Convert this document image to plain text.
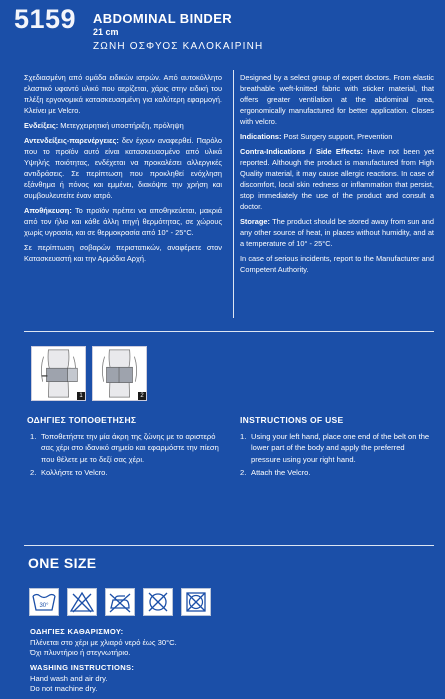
5159 ABDOMINAL BINDER
21 cm
ΖΩΝΗ ΟΣΦΥΟΣ ΚΑΛΟΚΑΙΡΙΝΗ

Σχεδιασμένη από ομάδα ειδικών ιατρών. Από αυτοκόλλητο ελαστικό υφαντό υλικό που αερίζεται, χάρις στην ειδική του πλέξη εργονομικά κατασκευασμένη για καλύτερη εφαρμογή. Κλείνει με Velcro.

Ενδείξεις: Μετεγχειρητική υποστήριξη, πρόληψη

Αντενδείξεις-παρενέργειες: δεν έχουν αναφερθεί. Παρόλο που το προϊόν αυτό είναι κατασκευασμένο από υλικά Υψηλής ποιότητας, ενδέχεται να προκαλέσει αλλεργικές αντιδράσεις. Σε περίπτωση που προκληθεί ενόχληση εξάνθημα ή πόνος και εμμένει, διακόψτε την χρήση και συμβουλευτείτε έναν ιατρό.

Αποθήκευση: Το προϊόν πρέπει να αποθηκεύεται, μακριά από τον ήλιο και κάθε άλλη πηγή θερμότητας, σε χώρους χωρίς υγρασία, και σε θερμοκρασία από 10° - 25°C.

Σε περίπτωση σοβαρών περιστατικών, αναφέρετε στον Κατασκευαστή και την Αρμόδια Αρχή.

Designed by a select group of expert doctors. From elastic breathable weft-knitted fabric with sticker material, that offers greater ventilation at the abdominal area, ergonomically manufactured for better application. Closes with velcro.

Indications: Post Surgery support, Prevention

Contra-Indications / Side Effects: Have not been yet reported. Although the product is manufactured from High Quality material, it may cause allergic reactions. In case of discomfort, local skin redness or inflammation that persist, stop immediately the use of the product and consult a doctor.

Storage: The product should be stored away from sun and any other source of heat, in places without humidity, and at a temperature of 10° - 25°C.

In case of serious incidents, report to the Manufacturer and Competent Authority.

1	2
ΟΔΗΓΙΕΣ ΤΟΠΟΘΕΤΗΣΗΣ
1. Τοποθετήστε την μία άκρη της ζώνης με το αριστερό σας χέρι στο ιδανικό σημείο και εφαρμόστε την πίεση που θέλετε με το δεξί σας χέρι.
2. Κολλήστε το Velcro.
INSTRUCTIONS OF USE
1. Using your left hand, place one end of the belt on the lower part of the body and apply the preferred pressure using your right hand.
2. Attach the Velcro.
ONE SIZE
30°
ΟΔΗΓΙΕΣ ΚΑΘΑΡΙΣΜΟΥ:
Πλένεται στο χέρι με χλιαρό νερό έως 30°C.
Όχι πλυντήριο ή στεγνωτήριο.
WASHING INSTRUCTIONS:
Hand wash and air dry.
Do not machine dry.
